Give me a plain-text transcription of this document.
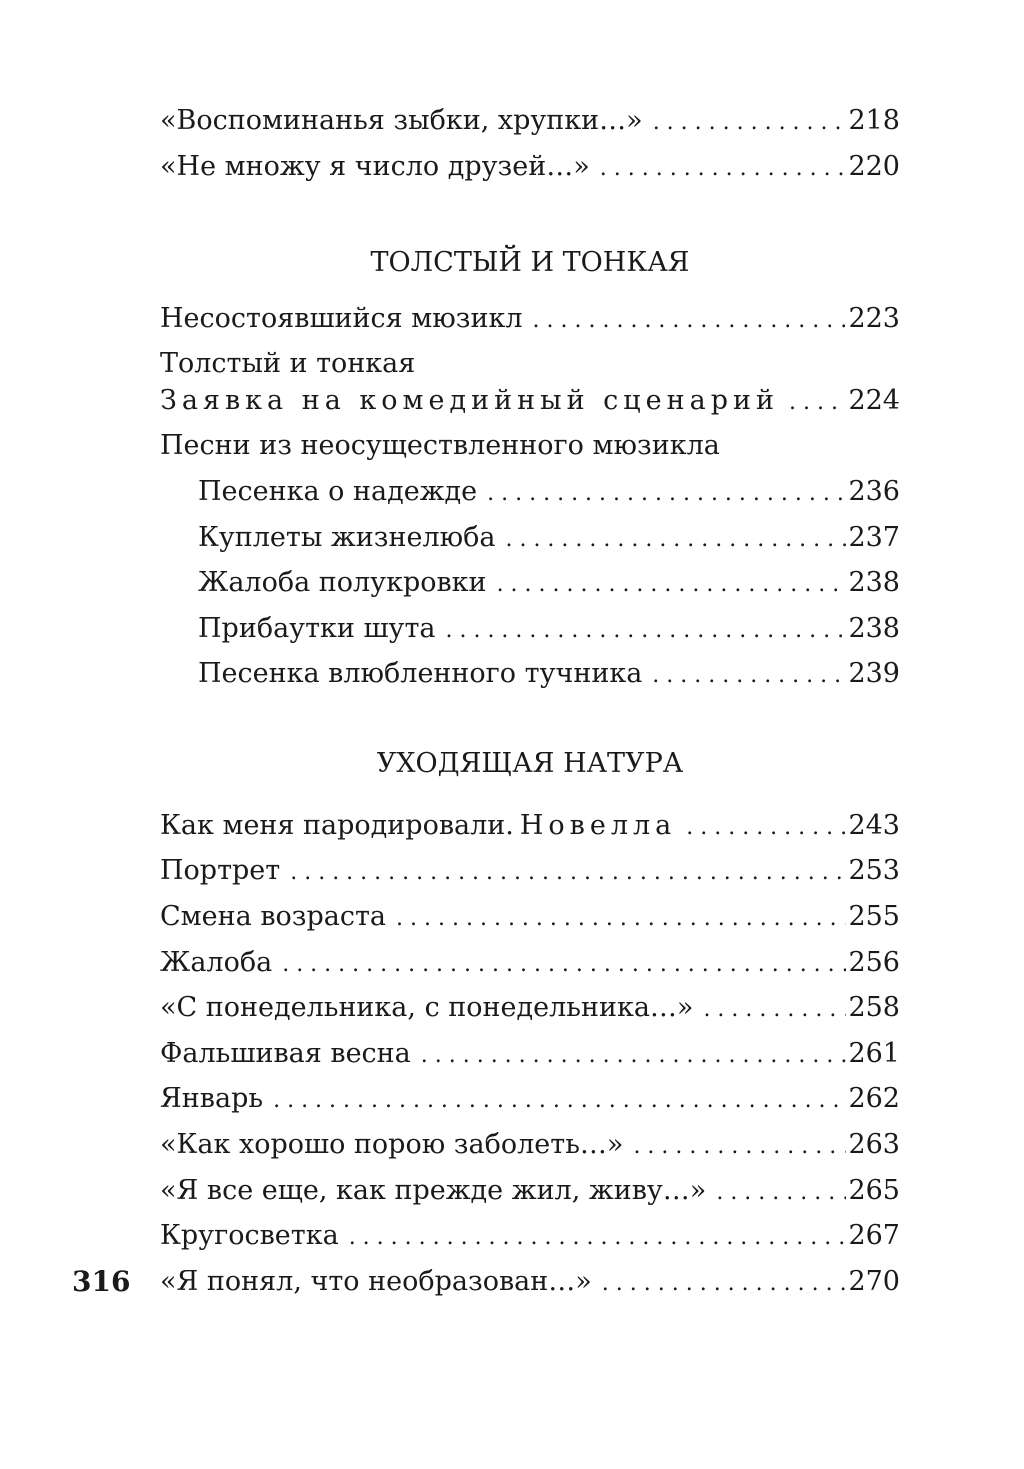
«Воспоминанья зыбки, хрупки…» . . .	218
«Не множу я число друзей…» . . .	220
ТОЛСТЫЙ И ТОНКАЯ
Несостоявшийся мюзикл . . .	223
Толстый и тонкая
Заявка на комедийный сценарий . . .	224
Песни из неосуществленного мюзикла
Песенка о надежде . . .	236
Куплеты жизнелюба . . .	237
Жалоба полукровки . . .	238
Прибаутки шута . . .	238
Песенка влюбленного тучника . . .	239
УХОДЯЩАЯ НАТУРА
Как меня пародировали. Новелла . . .	243
Портрет . . .	253
Смена возраста . . .	255
Жалоба . . .	256
«С понедельника, с понедельника…» . . .	258
Фальшивая весна . . .	261
Январь . . .	262
«Как хорошо порою заболеть…» . . .	263
«Я все еще, как прежде жил, живу…» . . .	265
Кругосветка . . .	267
«Я понял, что необразован…» . . .	270
316
